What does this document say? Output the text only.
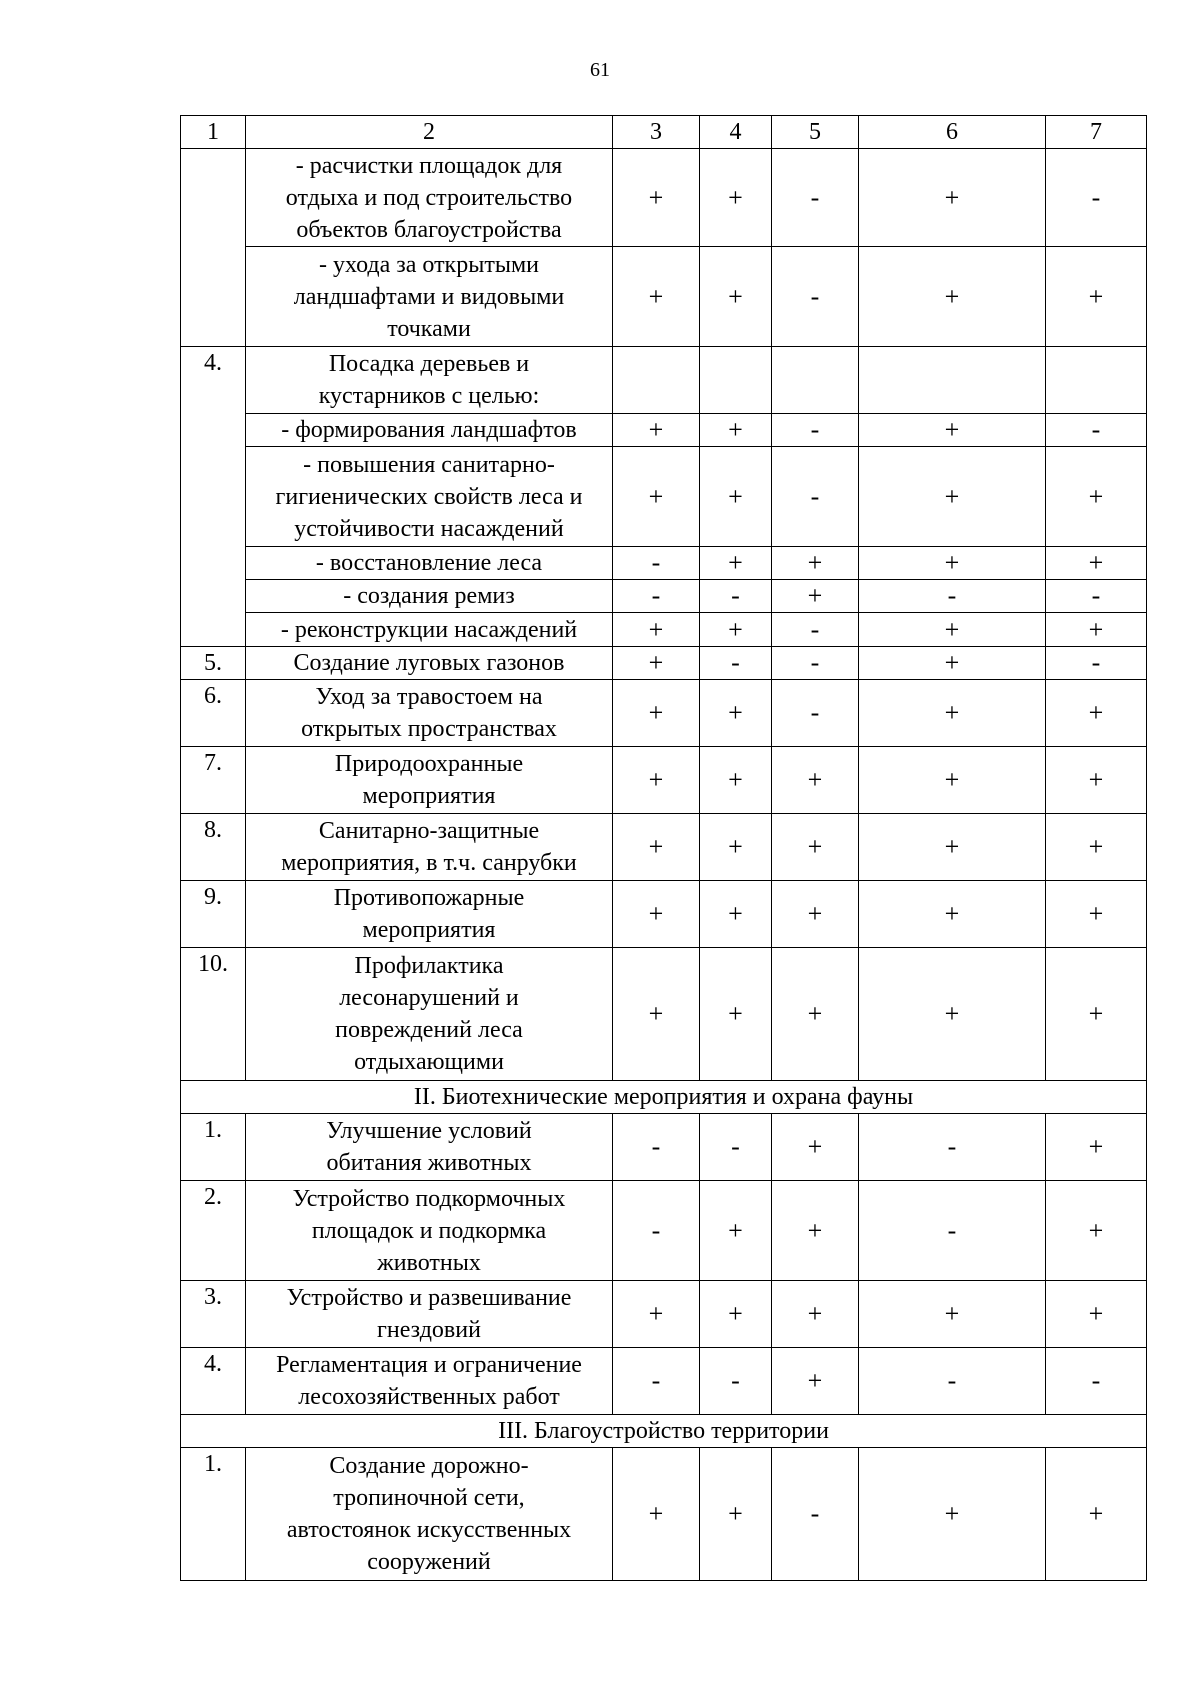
61
1	2	3	4	5	6	7

	- расчистки площадок для
отдыха и под строительство
объектов благоустройства	+	+	-	+	-

	- ухода за открытыми
ландшафтами и видовыми
точками	+	+	-	+	+
4.	Посадка деревьев и
кустарников с целью:					

	- формирования ландшафтов	+	+	-	+	-

	- повышения санитарно-
гигиенических свойств леса и
устойчивости насаждений	+	+	-	+	+

	- восстановление леса	-	+	+	+	+

	- создания ремиз	-	-	+	-	-

	- реконструкции насаждений	+	+	-	+	+
5.	Создание луговых газонов	+	-	-	+	-
6.	Уход за травостоем на
открытых пространствах	+	+	-	+	+
7.	Природоохранные
мероприятия	+	+	+	+	+
8.	Санитарно-защитные
мероприятия, в т.ч. санрубки	+	+	+	+	+
9.	Противопожарные
мероприятия	+	+	+	+	+
10.	Профилактика
лесонарушений и
повреждений леса
отдыхающими	+	+	+	+	+
II. Биотехнические мероприятия и охрана фауны						
1.	Улучшение условий
обитания животных	-	-	+	-	+
2.	Устройство подкормочных
площадок и подкормка
животных	-	+	+	-	+
3.	Устройство и развешивание
гнездовий	+	+	+	+	+
4.	Регламентация и ограничение
лесохозяйственных работ	-	-	+	-	-
III. Благоустройство территории						
1.	Создание дорожно-
тропиночной сети,
автостоянок искусственных
сооружений	+	+	-	+	+
